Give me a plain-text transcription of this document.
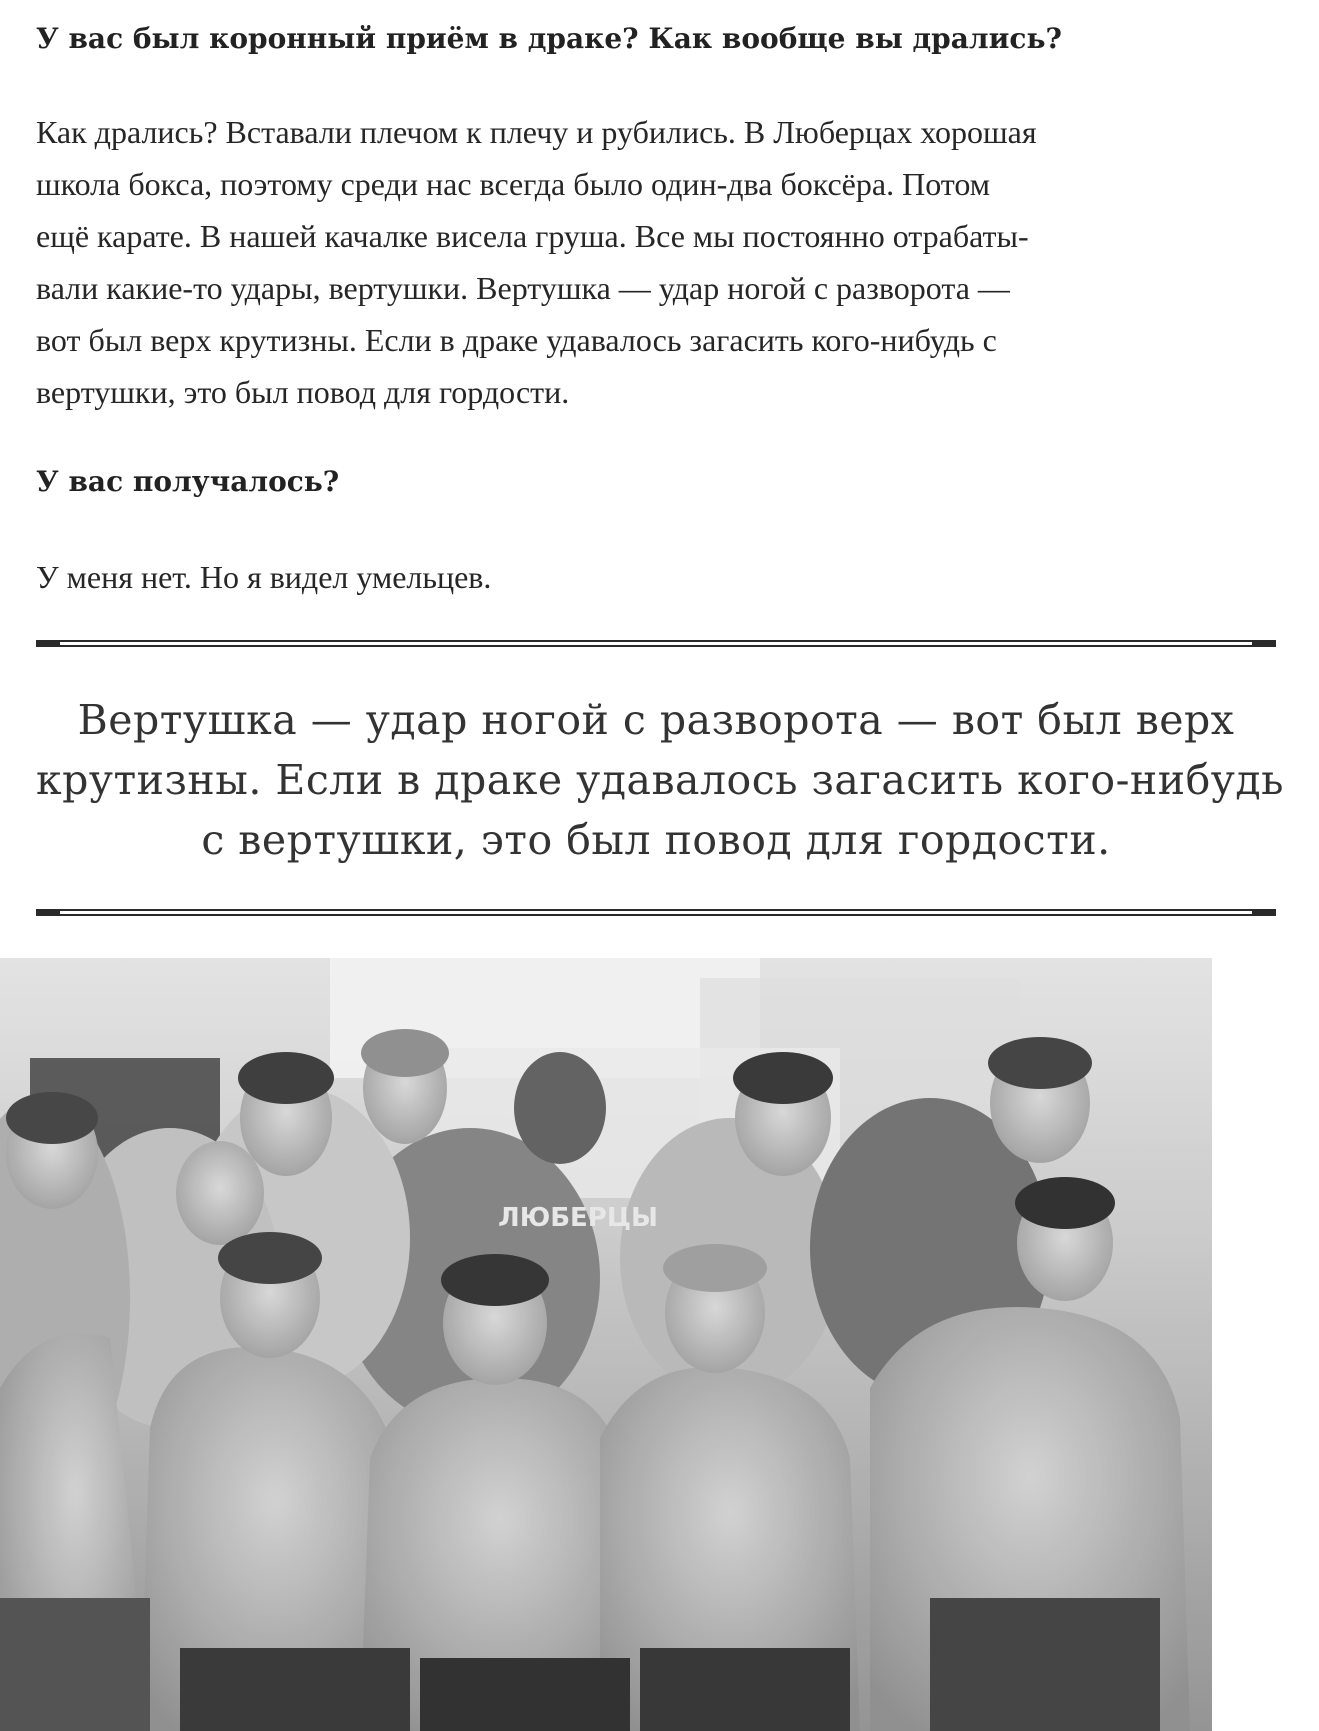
У вас был коронный приём в драке? Как вообще вы дрались?

Как дрались? Вставали плечом к плечу и рубились. В Люберцах хорошая
школа бокса, поэтому среди нас всегда было один-два боксёра. Потом
ещё карате. В нашей качалке висела груша. Все мы постоянно отрабаты-
вали какие-то удары, вертушки. Вертушка — удар ногой с разворота —
вот был верх крутизны. Если в драке удавалось загасить кого-нибудь с
вертушки, это был повод для гордости.

У вас получалось?

У меня нет. Но я видел умельцев.

Вертушка — удар ногой с разворота — вот был верх
крутизны. Если в драке удавалось загасить кого-нибудь
с вертушки, это был повод для гордости.

ЛЮБЕРЦЫ
